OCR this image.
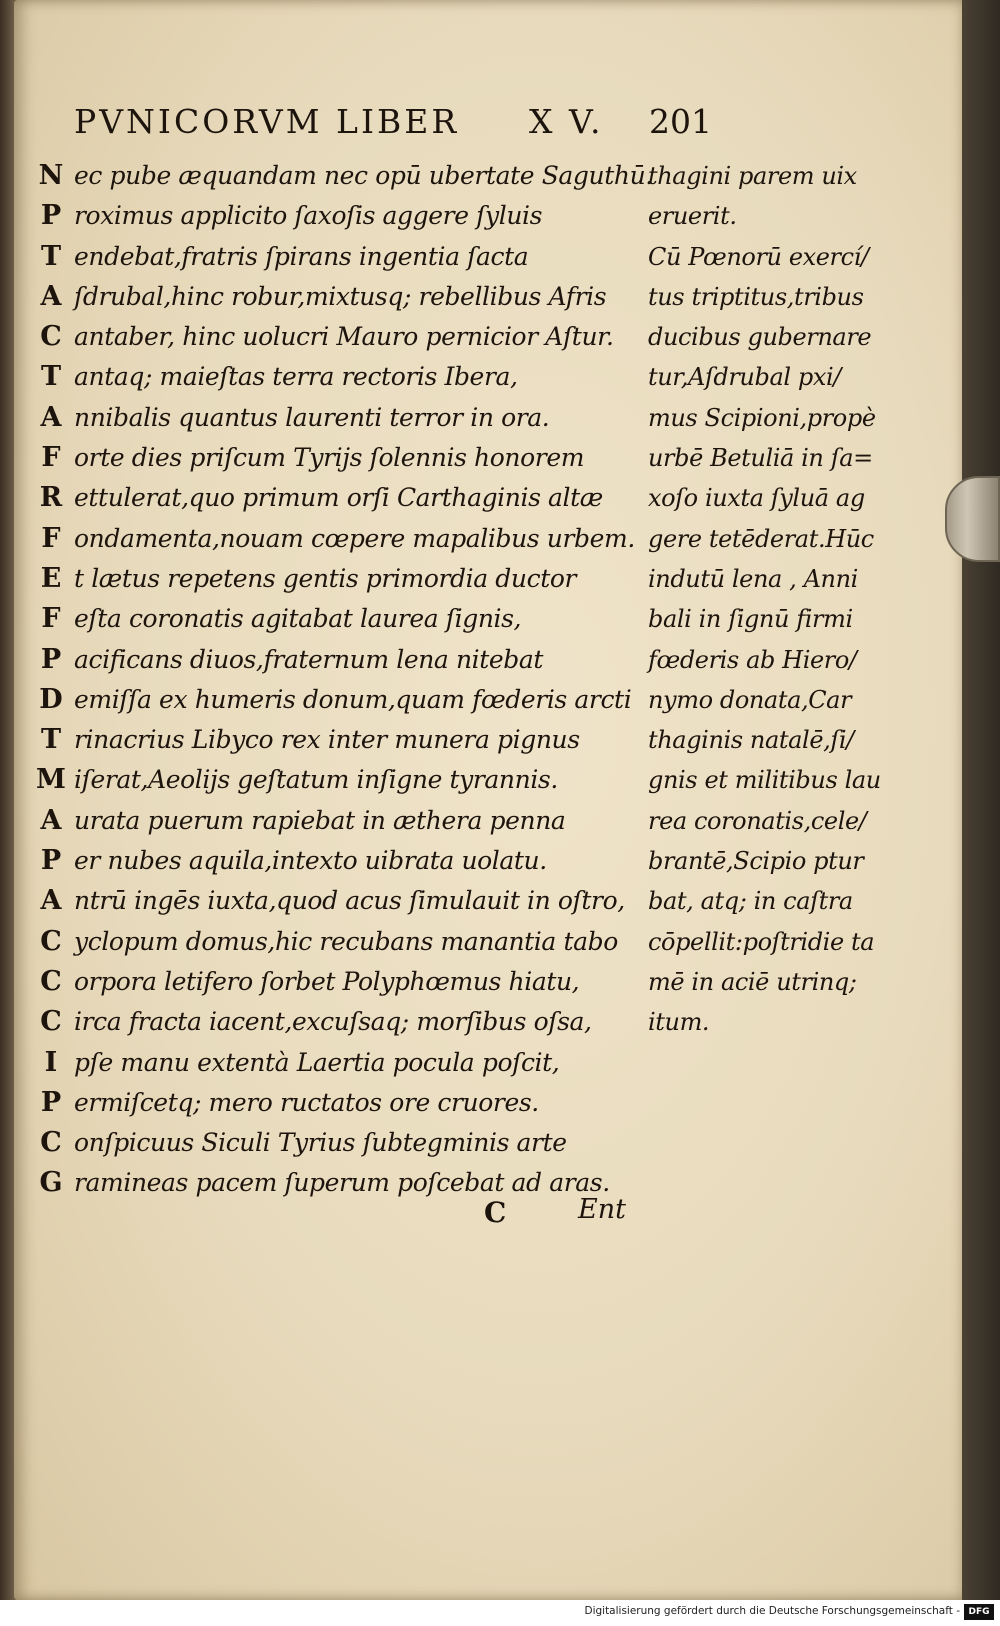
PVNICORVM LIBER X V. 201
N ec pube æquandam nec opū ubertate Saguthū.
P roximus applicito ſaxoſis aggere ſyluis
T endebat,fratris ſpirans ingentia ſacta
A ſdrubal,hinc robur,mixtusq; rebellibus Afris
C antaber, hinc uolucri Mauro pernicior Aſtur.
T antaq; maieſtas terra rectoris Ibera,
A nnibalis quantus laurenti terror in ora.
F orte dies priſcum Tyrijs ſolennis honorem
R ettulerat,quo primum orſi Carthaginis altæ
F ondamenta,nouam cœpere mapalibus urbem.
E t lætus repetens gentis primordia ductor
F eſta coronatis agitabat laurea ſignis,
P acificans diuos,fraternum lena nitebat
D emiſſa ex humeris donum,quam fœderis arcti
T rinacrius Libyco rex inter munera pignus
M iſerat,Aeolijs geſtatum inſigne tyrannis.
A urata puerum rapiebat in æthera penna
P er nubes aquila,intexto uibrata uolatu.
A ntrū ingēs iuxta,quod acus ſimulauit in oſtro,
C yclopum domus,hic recubans manantia tabo
C orpora letifero ſorbet Polyphœmus hiatu,
C irca fracta iacent,excuſsaq; morſibus oſsa,
I pſe manu extentà Laertia pocula poſcit,
P ermiſcetq; mero ructatos ore cruores.
C onſpicuus Siculi Tyrius ſubtegminis arte
G ramineas pacem ſuperum poſcebat ad aras.
thagini parem uix
eruerit.
Cū Pœnorū exercí/
tus triptitus,tribus
ducibus gubernare
tur,Aſdrubal pxi/
mus Scipioni,propè
urbē Betuliā in ſa=
xoſo iuxta ſyluā ag
gere tetēderat.Hūc
indutū lena , Anni
bali in ſignū firmi
fœderis ab Hiero/
nymo donata,Car
thaginis natalē,ſi/
gnis et militibus lau
rea coronatis,cele/
brantē,Scipio ptur
bat, atq; in caſtra
cōpellit:poſtridie ta
mē in aciē utrinq;
itum.
C	Ent
Digitalisierung gefördert durch die Deutsche Forschungsgemeinschaft - DFG
